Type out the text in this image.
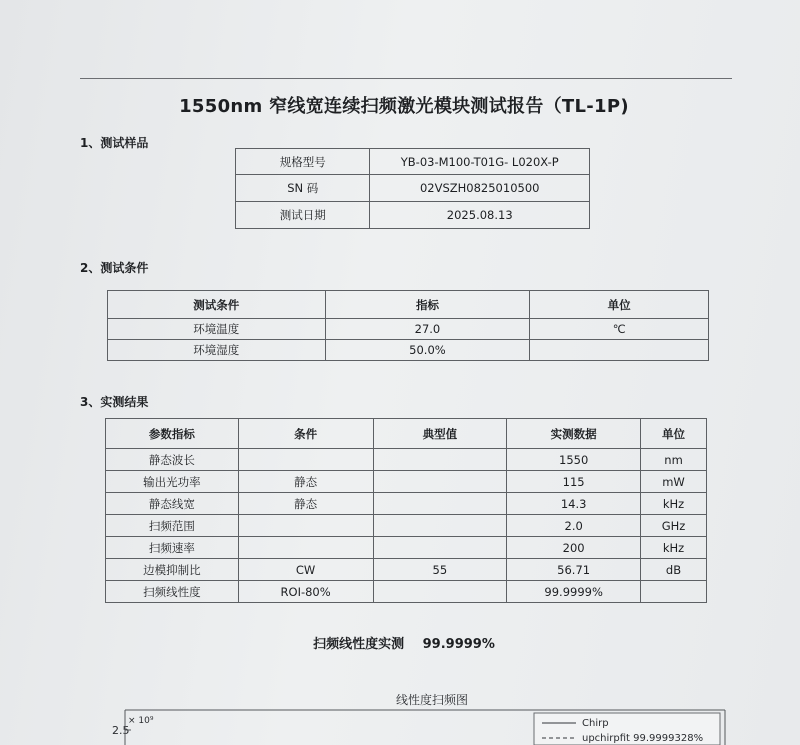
1550nm 窄线宽连续扫频激光模块测试报告（TL-1P)
1、测试样品
规格型号	YB-03-M100-T01G- L020X-P
SN 码	02VSZH0825010500
测试日期	2025.08.13
2、测试条件
测试条件	指标	单位
环境温度	27.0	℃
环境湿度	50.0%	
3、实测结果
参数指标	条件	典型值	实测数据	单位
静态波长			1550	nm
输出光功率	静态		115	mW
静态线宽	静态		14.3	kHz
扫频范围			2.0	GHz
扫频速率			200	kHz
边模抑制比	CW	55	56.71	dB
扫频线性度	ROI-80%		99.9999%	
扫频线性度实测 99.9999%
线性度扫频图
2.5
× 10⁹	Chirp
upchirpfit 99.9999328%
